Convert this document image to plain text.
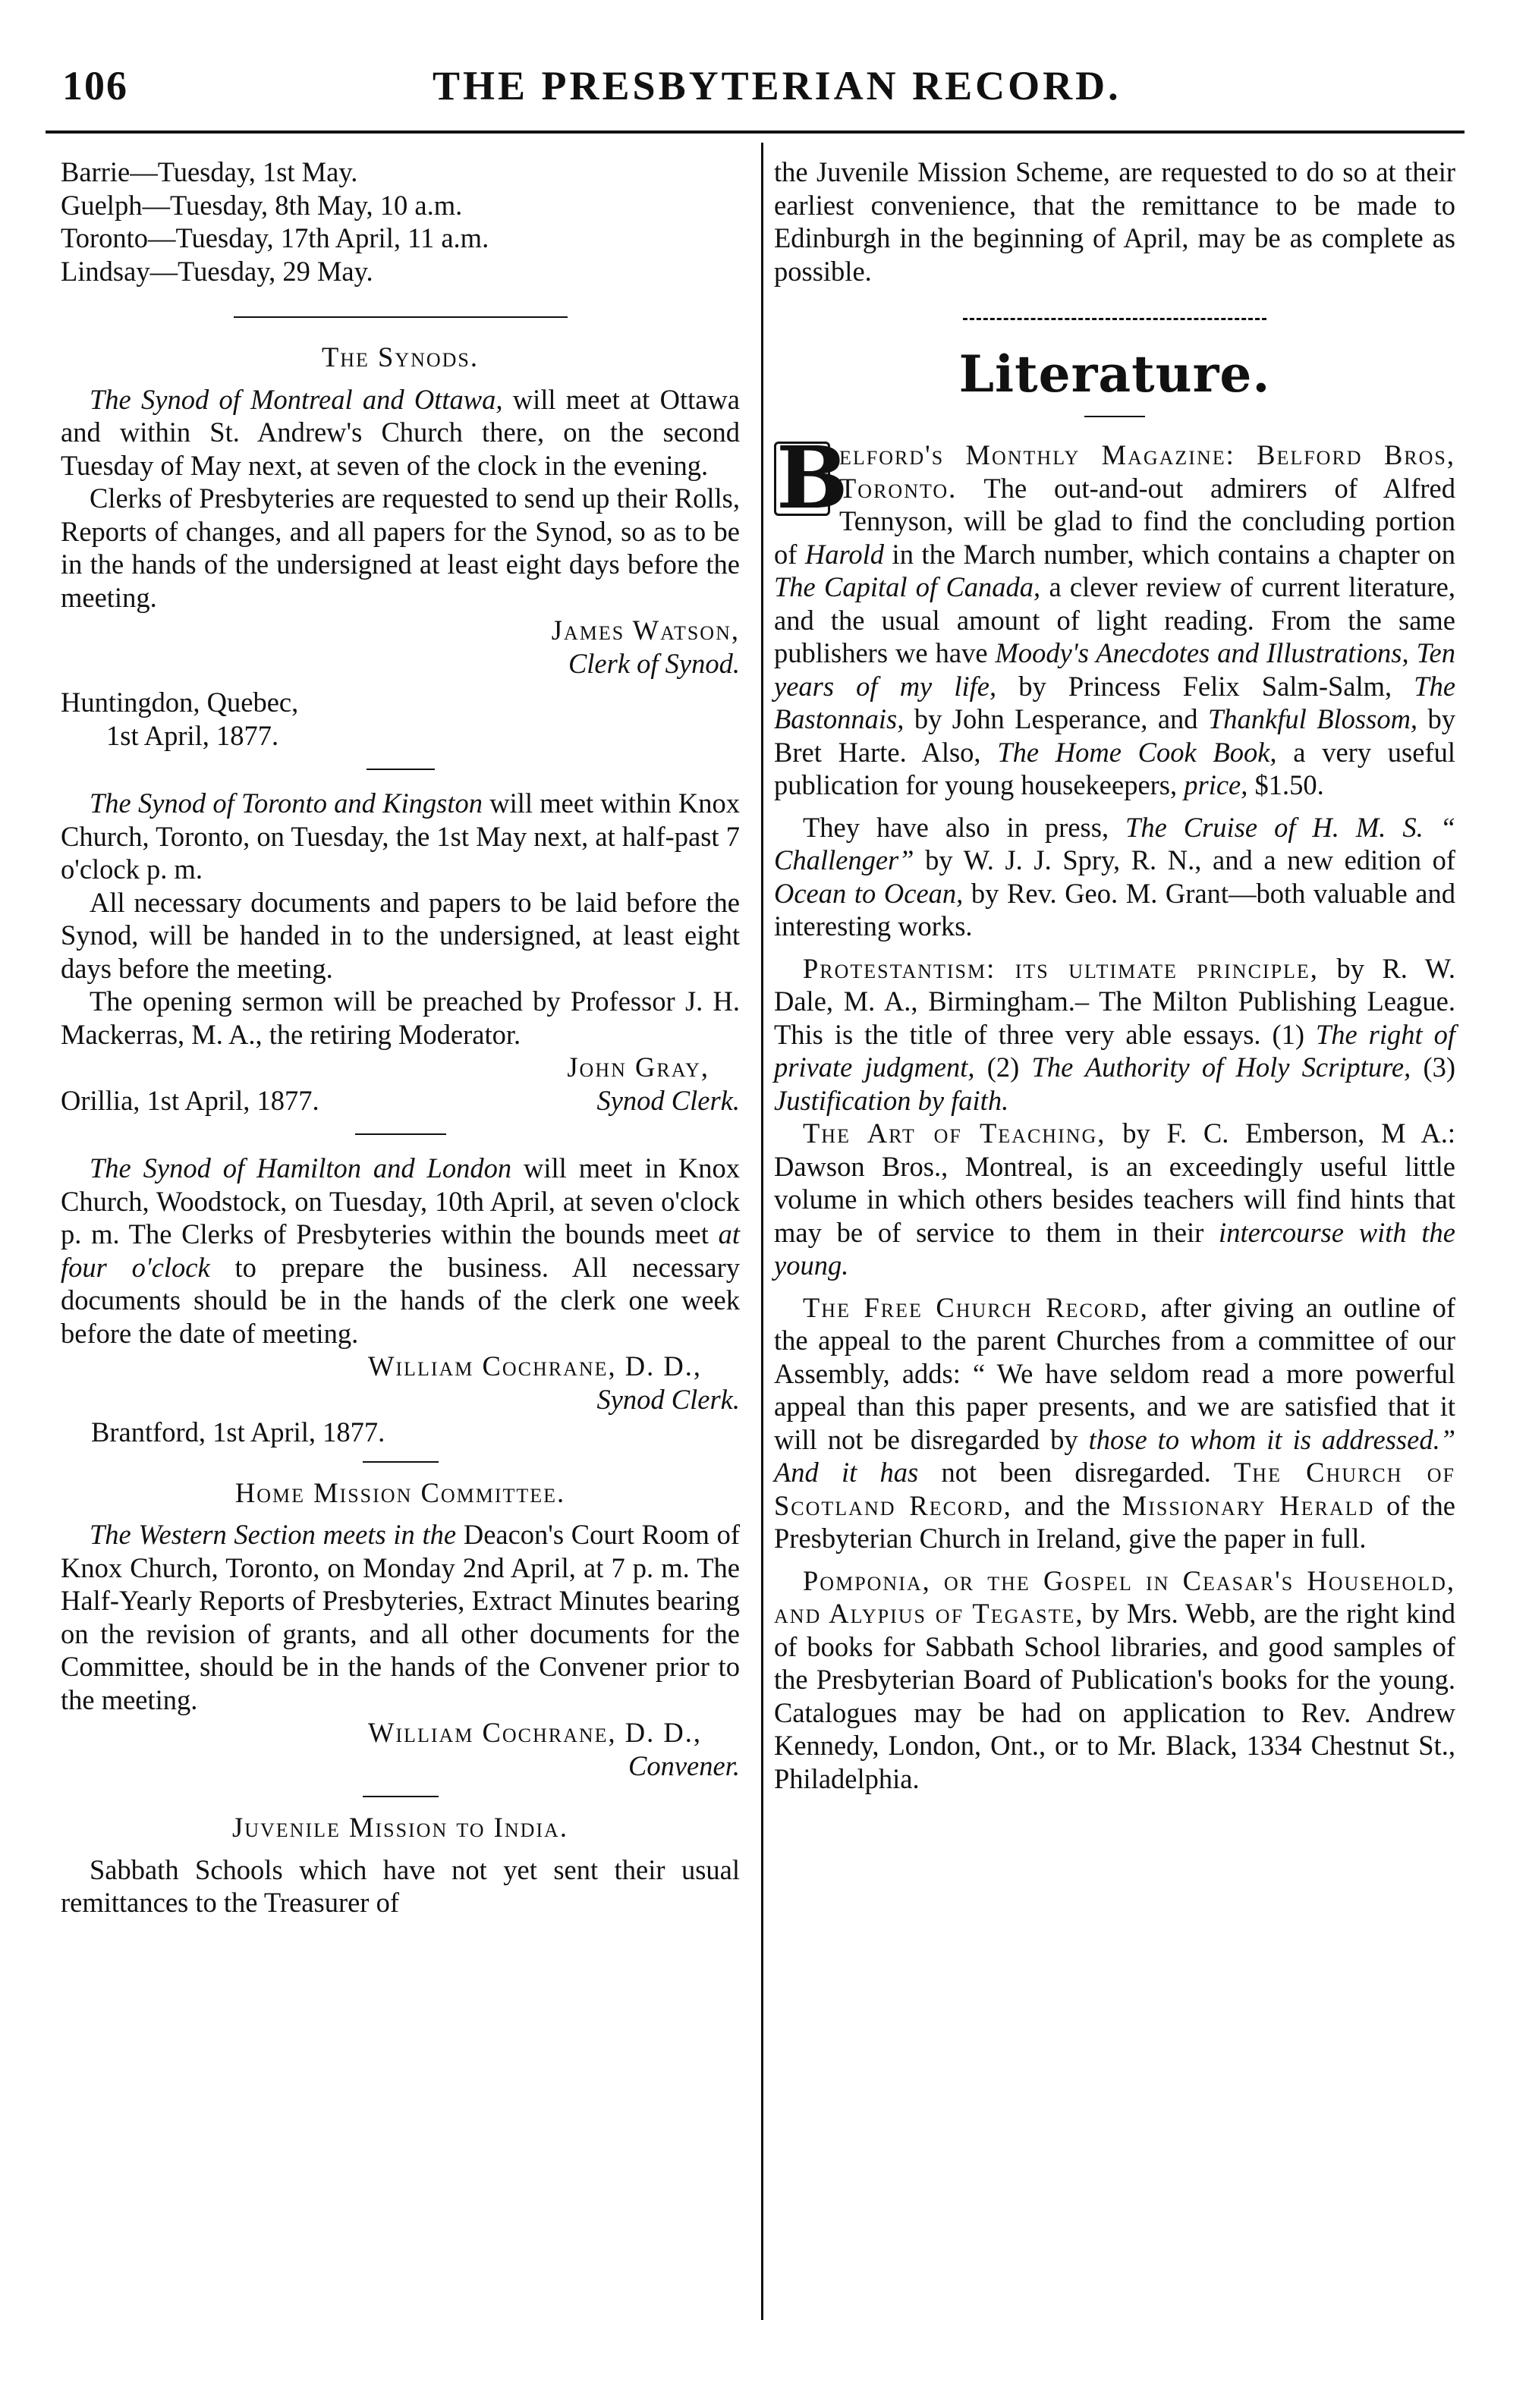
106	THE PRESBYTERIAN RECORD.

Barrie—Tuesday, 1st May.

Guelph—Tuesday, 8th May, 10 a.m.

Toronto—Tuesday, 17th April, 11 a.m.

Lindsay—Tuesday, 29 May.

The Synods.

The Synod of Montreal and Ottawa, will meet at Ottawa and within St. Andrew's Church there, on the second Tuesday of May next, at seven of the clock in the evening.

Clerks of Presbyteries are requested to send up their Rolls, Reports of changes, and all papers for the Synod, so as to be in the hands of the undersigned at least eight days before the meeting.

James Watson,

Clerk of Synod.

Huntingdon, Quebec,

1st April, 1877.

The Synod of Toronto and Kingston will meet within Knox Church, Toronto, on Tuesday, the 1st May next, at half-past 7 o'clock p. m.

All necessary documents and papers to be laid before the Synod, will be handed in to the undersigned, at least eight days before the meeting.

The opening sermon will be preached by Professor J. H. Mackerras, M. A., the retiring Moderator.

John Gray,

Orillia, 1st April, 1877.	Synod Clerk.

The Synod of Hamilton and London will meet in Knox Church, Woodstock, on Tuesday, 10th April, at seven o'clock p. m. The Clerks of Presbyteries within the bounds meet at four o'clock to prepare the business. All necessary documents should be in the hands of the clerk one week before the date of meeting.

William Cochrane, D. D.,

Synod Clerk.

Brantford, 1st April, 1877.

Home Mission Committee.

The Western Section meets in the Deacon's Court Room of Knox Church, Toronto, on Monday 2nd April, at 7 p. m. The Half-Yearly Reports of Presbyteries, Extract Minutes bearing on the revision of grants, and all other documents for the Committee, should be in the hands of the Convener prior to the meeting.

William Cochrane, D. D.,

Convener.

Juvenile Mission to India.

Sabbath Schools which have not yet sent their usual remittances to the Treasurer of

the Juvenile Mission Scheme, are requested to do so at their earliest convenience, that the remittance to be made to Edinburgh in the beginning of April, may be as complete as possible.

Literature.

B
elford's Monthly Magazine: Belford Bros, Toronto. The out-and-out admirers of Alfred Tennyson, will be glad to find the concluding portion of Harold in the March number, which contains a chapter on The Capital of Canada, a clever review of current literature, and the usual amount of light reading. From the same publishers we have Moody's Anecdotes and Illustrations, Ten years of my life, by Princess Felix Salm-Salm, The Bastonnais, by John Lesperance, and Thankful Blossom, by Bret Harte. Also, The Home Cook Book, a very useful publication for young housekeepers, price, $1.50.

They have also in press, The Cruise of H. M. S. “ Challenger” by W. J. J. Spry, R. N., and a new edition of Ocean to Ocean, by Rev. Geo. M. Grant—both valuable and interesting works.

Protestantism: its ultimate principle, by R. W. Dale, M. A., Birmingham.– The Milton Publishing League. This is the title of three very able essays. (1) The right of private judgment, (2) The Authority of Holy Scripture, (3) Justification by faith.

The Art of Teaching, by F. C. Emberson, M A.: Dawson Bros., Montreal, is an exceedingly useful little volume in which others besides teachers will find hints that may be of service to them in their intercourse with the young.

The Free Church Record, after giving an outline of the appeal to the parent Churches from a committee of our Assembly, adds: “ We have seldom read a more powerful appeal than this paper presents, and we are satisfied that it will not be disregarded by those to whom it is addressed.” And it has not been disregarded. The Church of Scotland Record, and the Missionary Herald of the Presbyterian Church in Ireland, give the paper in full.

Pomponia, or the Gospel in Ceasar's Household, and Alypius of Tegaste, by Mrs. Webb, are the right kind of books for Sabbath School libraries, and good samples of the Presbyterian Board of Publication's books for the young. Catalogues may be had on application to Rev. Andrew Kennedy, London, Ont., or to Mr. Black, 1334 Chestnut St., Philadelphia.
